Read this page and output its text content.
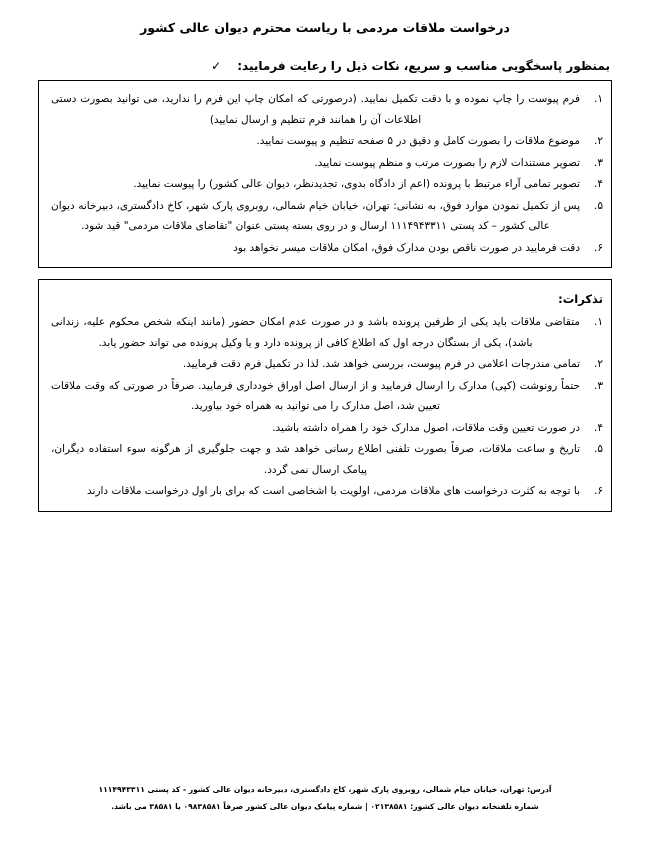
درخواست ملاقات مردمی با ریاست محترم دیوان عالی کشور
بمنظور پاسخگویی مناسب و سریع، نکات ذیل را رعایت فرمایید:
✓
۱.
فرم پیوست را چاپ نموده و با دقت تکمیل نمایید. (درصورتی که امکان چاپ این فرم را ندارید، می توانید بصورت دستی اطلاعات آن را همانند فرم تنظیم و ارسال نمایید)
۲.
موضوع ملاقات را بصورت کامل و دقیق در ۵ صفحه تنظیم و پیوست نمایید.
۳.
تصویر مستندات لازم را بصورت مرتب و منظم پیوست نمایید.
۴.
تصویر تمامی آراء مرتبط با پرونده (اعم از دادگاه بدوی، تجدیدنظر، دیوان عالی کشور) را پیوست نمایید.
۵.
پس از تکمیل نمودن موارد فوق، به نشانی: تهران، خیابان خیام شمالی، روبروی پارک شهر، کاخ دادگستری، دبیرخانه دیوان عالی کشور – کد پستی ۱۱۱۴۹۴۳۳۱۱ ارسال و در روی بسته پستی عنوان "تقاضای ملاقات مردمی" قید شود.
۶.
دقت فرمایید در صورت ناقص بودن مدارک فوق، امکان ملاقات میسر نخواهد بود
تذکرات:
۱.
متقاضی ملاقات باید یکی از طرفین پرونده باشد و در صورت عدم امکان حضور (مانند اینکه شخص محکوم علیه، زندانی باشد)، یکی از بستگان درجه اول که اطلاع کافی از پرونده دارد و یا وکیل پرونده می تواند حضور یابد.
۲.
تمامی مندرجات اعلامی در فرم پیوست، بررسی خواهد شد. لذا در تکمیل فرم دقت فرمایید.
۳.
حتماً رونوشت (کپی) مدارک را ارسال فرمایید و از ارسال اصل اوراق خودداری فرمایید. صرفاً در صورتی که وقت ملاقات تعیین شد، اصل مدارک را می توانید به همراه خود بیاورید.
۴.
در صورت تعیین وقت ملاقات، اصول مدارک خود را همراه داشته باشید.
۵.
تاریخ و ساعت ملاقات، صرفاً بصورت تلفنی اطلاع رسانی خواهد شد و جهت جلوگیری از هرگونه سوء استفاده دیگران، پیامک ارسال نمی گردد.
۶.
با توجه به کثرت درخواست های ملاقات مردمی، اولویت با اشخاصی است که برای بار اول درخواست ملاقات دارند
آدرس: تهران، خیابان خیام شمالی، روبروی پارک شهر، کاخ دادگستری، دبیرخانه دیوان عالی کشور - کد پستی ۱۱۱۴۹۴۳۳۱۱
شماره تلفنخانه دیوان عالی کشور: ۰۲۱۳۸۵۸۱ | شماره پیامک دیوان عالی کشور صرفاً ۰۹۸۳۸۵۸۱ یا ۳۸۵۸۱ می باشد.
